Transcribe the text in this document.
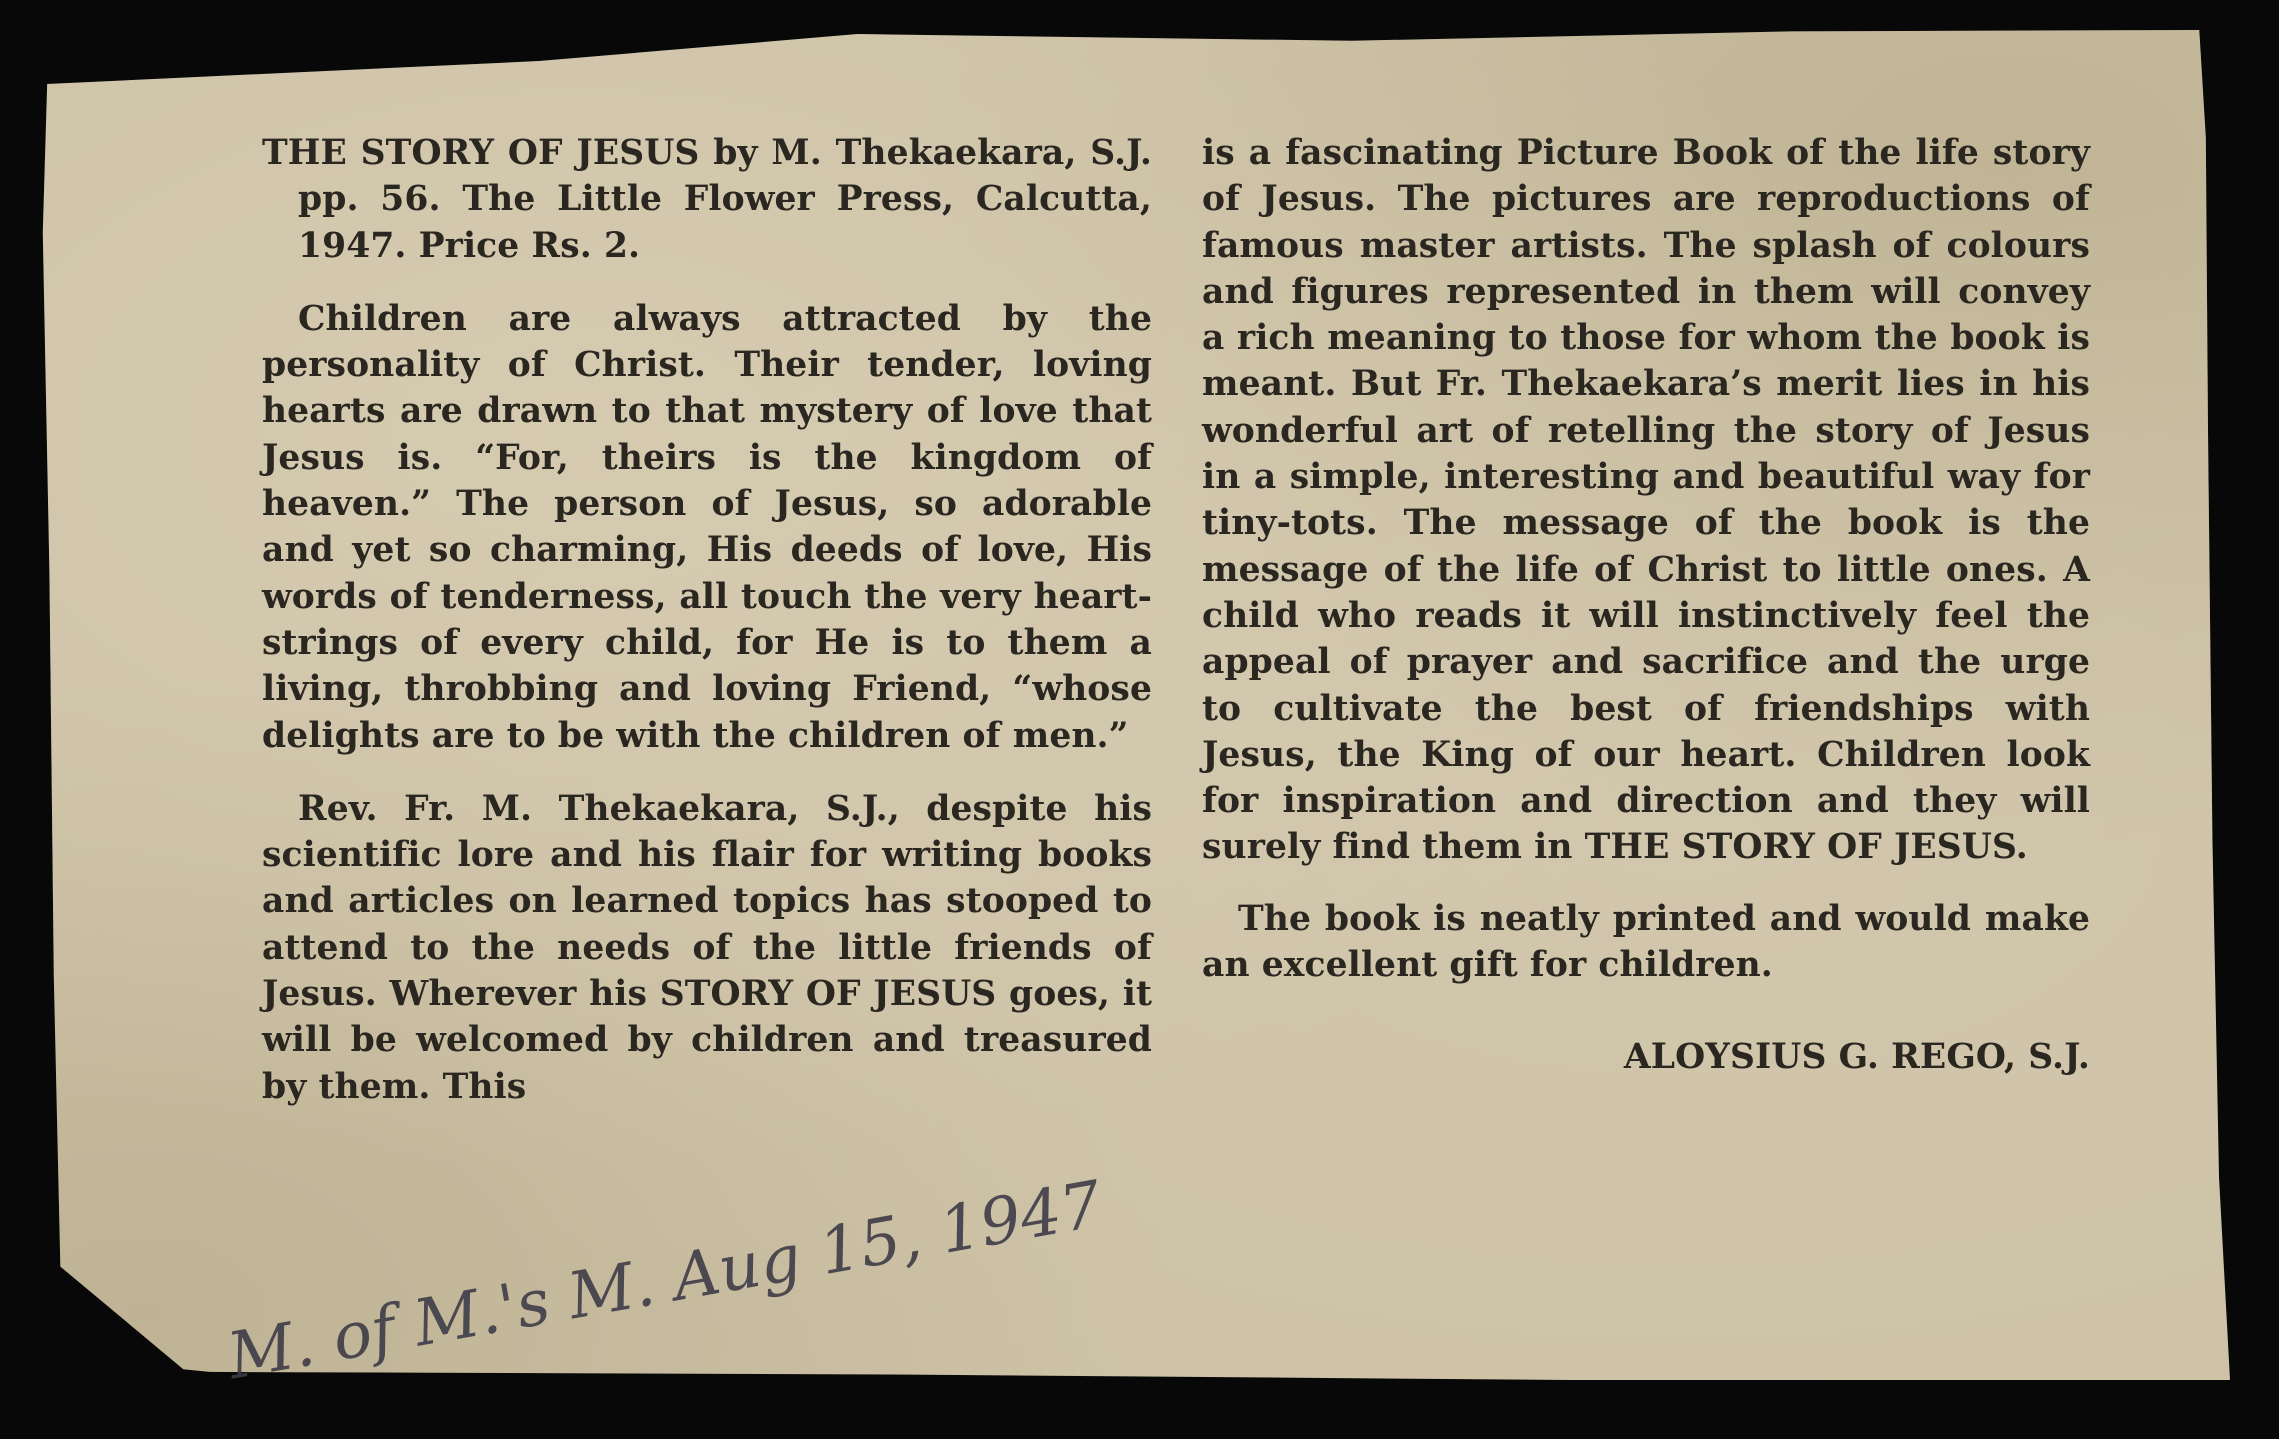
THE STORY OF JESUS by M. Thekaekara, S.J. pp. 56. The Little Flower Press, Calcutta, 1947. Price Rs. 2.

Children are always attracted by the personality of Christ. Their tender, loving hearts are drawn to that mystery of love that Jesus is. “For, theirs is the kingdom of heaven.” The person of Jesus, so adorable and yet so charming, His deeds of love, His words of tenderness, all touch the very heart-strings of every child, for He is to them a living, throbbing and loving Friend, “whose delights are to be with the children of men.”

Rev. Fr. M. Thekaekara, S.J., despite his scientific lore and his flair for writing books and articles on learned topics has stooped to attend to the needs of the little friends of Jesus. Wherever his STORY OF JESUS goes, it will be welcomed by children and treasured by them. This

is a fascinating Picture Book of the life story of Jesus. The pictures are reproductions of famous master artists. The splash of colours and figures represented in them will convey a rich meaning to those for whom the book is meant. But Fr. Thekaekara’s merit lies in his wonderful art of retelling the story of Jesus in a simple, interesting and beautiful way for tiny-tots. The message of the book is the message of the life of Christ to little ones. A child who reads it will instinctively feel the appeal of prayer and sacrifice and the urge to cultivate the best of friendships with Jesus, the King of our heart. Children look for inspiration and direction and they will surely find them in THE STORY OF JESUS.

The book is neatly printed and would make an excellent gift for children.

ALOYSIUS G. REGO, S.J.

M. of M.'s M. Aug 15, 1947
